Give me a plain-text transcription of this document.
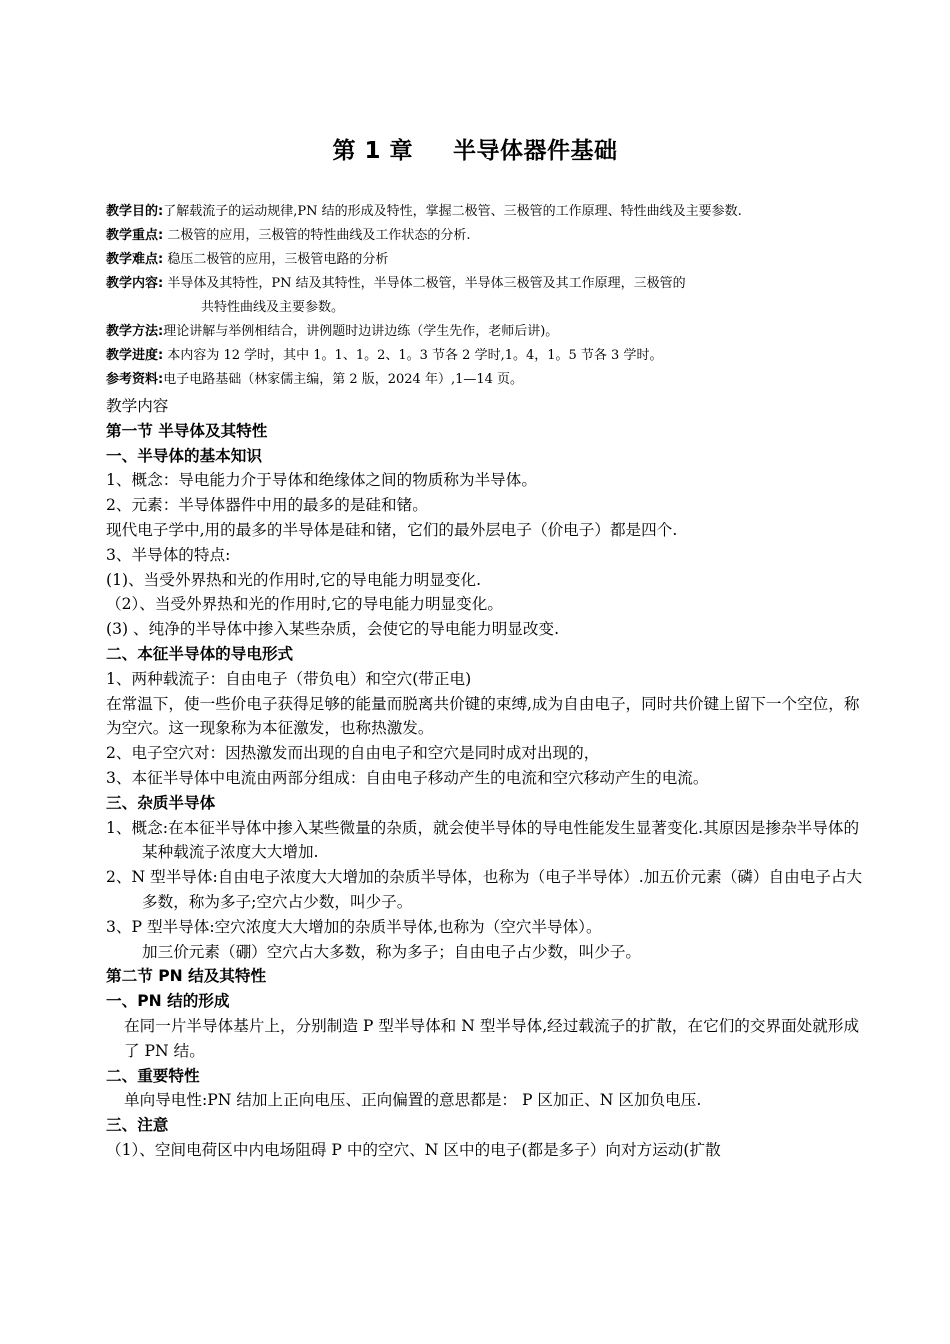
第 1 章 半导体器件基础

教学目的:了解载流子的运动规律,PN 结的形成及特性，掌握二极管、三极管的工作原理、特性曲线及主要参数.

教学重点: 二极管的应用，三极管的特性曲线及工作状态的分析.

教学难点: 稳压二极管的应用，三极管电路的分析

教学内容: 半导体及其特性，PN 结及其特性，半导体二极管，半导体三极管及其工作原理，三极管的

共特性曲线及主要参数。

教学方法:理论讲解与举例相结合，讲例题时边讲边练（学生先作，老师后讲)。

教学进度: 本内容为 12 学时，其中 1。1、1。2、1。3 节各 2 学时,1。4，1。5 节各 3 学时。

参考资料:电子电路基础（林家儒主编，第 2 版，2024 年）,1—14 页。

教学内容

第一节 半导体及其特性

一、半导体的基本知识

1、概念：导电能力介于导体和绝缘体之间的物质称为半导体。

2、元素：半导体器件中用的最多的是硅和锗。

现代电子学中,用的最多的半导体是硅和锗，它们的最外层电子（价电子）都是四个.

3、半导体的特点:

(1)、当受外界热和光的作用时,它的导电能力明显变化.

（2）、当受外界热和光的作用时,它的导电能力明显变化。

(3) 、纯净的半导体中掺入某些杂质，会使它的导电能力明显改变.

二、本征半导体的导电形式

1、两种载流子：自由电子（带负电）和空穴(带正电)

在常温下，使一些价电子获得足够的能量而脱离共价键的束缚,成为自由电子，同时共价键上留下一个空位，称为空穴。这一现象称为本征激发，也称热激发。

2、电子空穴对：因热激发而出现的自由电子和空穴是同时成对出现的，

3、本征半导体中电流由两部分组成：自由电子移动产生的电流和空穴移动产生的电流。

三、杂质半导体

1、概念:在本征半导体中掺入某些微量的杂质，就会使半导体的导电性能发生显著变化.其原因是掺杂半导体的某种载流子浓度大大增加.

2、N 型半导体:自由电子浓度大大增加的杂质半导体，也称为（电子半导体）.加五价元素（磷）自由电子占大多数，称为多子;空穴占少数，叫少子。

3、P 型半导体:空穴浓度大大增加的杂质半导体,也称为（空穴半导体）。

加三价元素（硼）空穴占大多数，称为多子；自由电子占少数，叫少子。

第二节 PN 结及其特性

一、PN 结的形成

在同一片半导体基片上，分别制造 P 型半导体和 N 型半导体,经过载流子的扩散，在它们的交界面处就形成了 PN 结。

二、重要特性

单向导电性:PN 结加上正向电压、正向偏置的意思都是： P 区加正、N 区加负电压.

三、注意

（1）、空间电荷区中内电场阻碍 P 中的空穴、N 区中的电子(都是多子）向对方运动(扩散
